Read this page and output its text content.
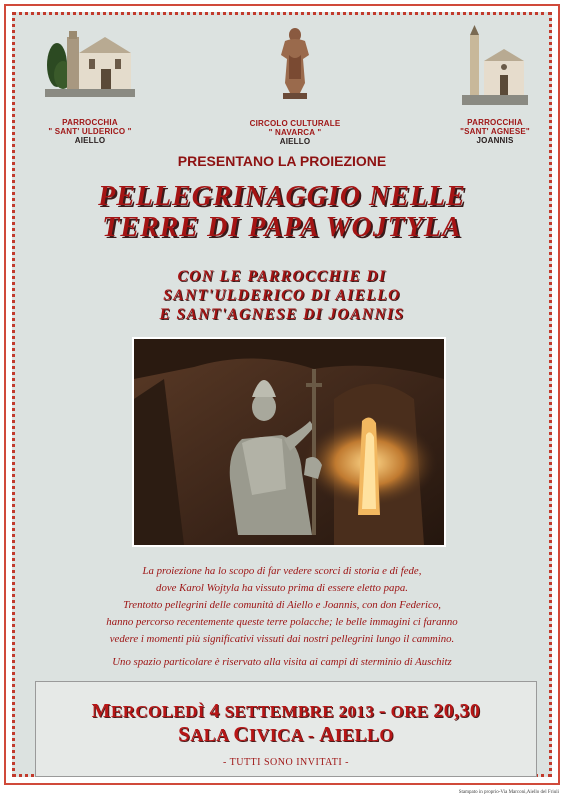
PARROCCHIA
" SANT' ULDERICO "
AIELLO
CIRCOLO CULTURALE
" NAVARCA "
AIELLO
PARROCCHIA
"SANT' AGNESE"
JOANNIS
PRESENTANO LA PROIEZIONE
PELLEGRINAGGIO NELLE
TERRE DI PAPA WOJTYLA
CON LE PARROCCHIE DI
SANT'ULDERICO DI AIELLO
E SANT'AGNESE DI JOANNIS
La proiezione ha lo scopo di far vedere scorci di storia e di fede,
dove Karol Wojtyla ha vissuto prima di essere eletto papa.
Trentotto pellegrini delle comunità di Aiello e Joannis, con don Federico,
hanno percorso recentemente queste terre polacche; le belle immagini ci faranno
vedere i momenti più significativi vissuti dai nostri pellegrini lungo il cammino.
Uno spazio particolare è riservato alla visita ai campi di sterminio di Auschitz
MERCOLEDÌ 4 SETTEMBRE 2013 - ORE 20,30
SALA CIVICA - AIELLO
- TUTTI SONO INVITATI -
Stampato in proprio-Via Marconi,Aiello del Friuli
